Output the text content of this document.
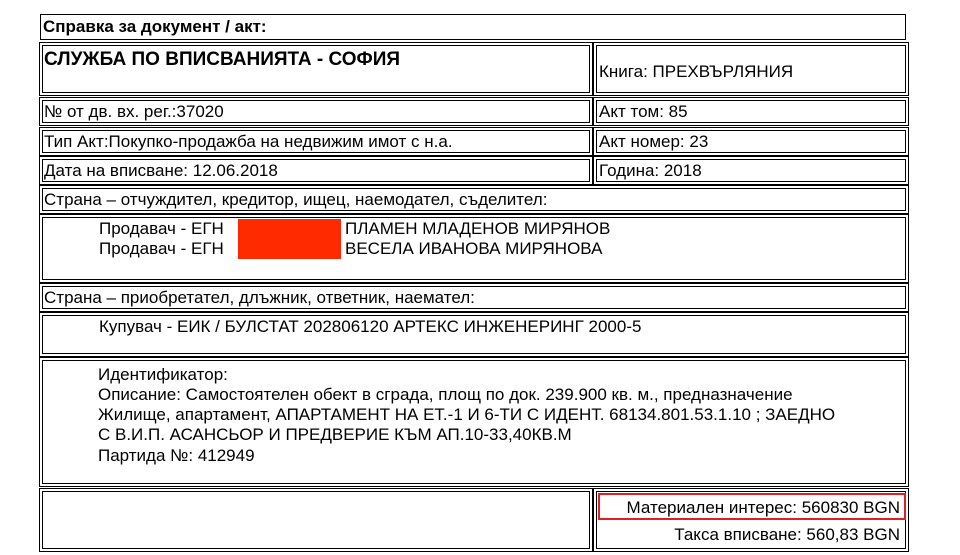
Справка за документ / акт:
СЛУЖБА ПО ВПИСВАНИЯТА - СОФИЯ
Книга: ПРЕХВЪРЛЯНИЯ
№ от дв. вх. рег.:37020	Акт том: 85
Тип Акт:Покупко-продажба на недвижим имот с н.а.	Акт номер: 23
Дата на вписване: 12.06.2018	Година: 2018
Страна – отчуждител, кредитор, ищец, наемодател, съделител:
Продавач - ЕГН	ПЛАМЕН МЛАДЕНОВ МИРЯНОВ
Продавач - ЕГН	ВЕСЕЛА ИВАНОВА МИРЯНОВА
Страна – приобретател, длъжник, ответник, наемател:
Купувач - ЕИК / БУЛСТАТ 202806120 АРТЕКС ИНЖЕНЕРИНГ 2000-5
Идентификатор:
Описание: Самостоятелен обект в сграда, площ по док. 239.900 кв. м., предназначение
Жилище, апартамент, АПАРТАМЕНТ НА ЕТ.-1 И 6-ТИ С ИДЕНТ. 68134.801.53.1.10 ; ЗАЕДНО
С В.И.П. АСАНСЬОР И ПРЕДВЕРИЕ КЪМ АП.10-33,40КВ.М
Партида №: 412949
Материален интерес: 560830 BGN
Такса вписване: 560,83 BGN
